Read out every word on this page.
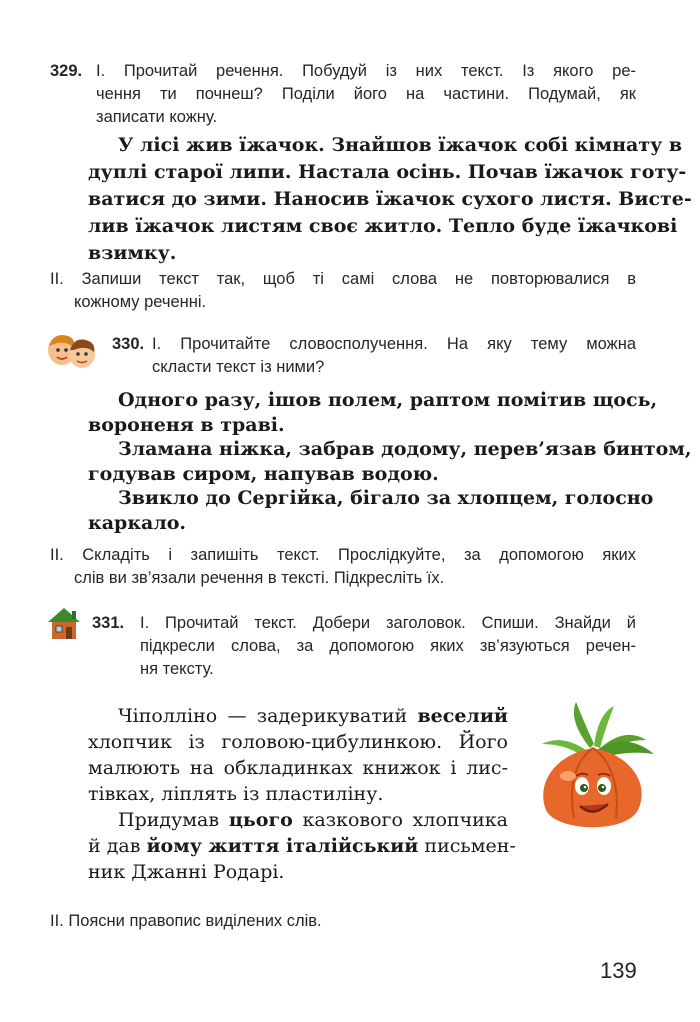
329. І. Прочитай речення. Побудуй із них текст. Із якого ре-
чення ти почнеш? Поділи його на частини. Подумай, як
записати кожну.
У лісі жив їжачок. Знайшов їжачок собі кімнату в
дуплі старої липи. Настала осінь. Почав їжачок готу-
ватися до зими. Наносив їжачок сухого листя. Висте-
лив їжачок листям своє житло. Тепло буде їжачкові
взимку.
ІІ. Запиши текст так, щоб ті самі слова не повторювалися в
кожному реченні.
330. І. Прочитайте словосполучення. На яку тему можна
скласти текст із ними?
Одного разу, ішов полем, раптом помітив щось,
вороненя в траві.
Зламана ніжка, забрав додому, перев’язав бинтом,
годував сиром, напував водою.
Звикло до Сергійка, бігало за хлопцем, голосно
каркало.
ІІ. Складіть і запишіть текст. Прослідкуйте, за допомогою яких
слів ви зв’язали речення в тексті. Підкресліть їх.
331. І. Прочитай текст. Добери заголовок. Спиши. Знайди й
підкресли слова, за допомогою яких зв’язуються речен-
ня тексту.
Чіполліно — задерикуватий веселий
хлопчик із головою-цибулинкою. Його
малюють на обкладинках книжок і лис-
тівках, ліплять із пластиліну.
Придумав цього казкового хлопчика
й дав йому життя італійський письмен-
ник Джанні Родарі.
ІІ. Поясни правопис виділених слів.
139
